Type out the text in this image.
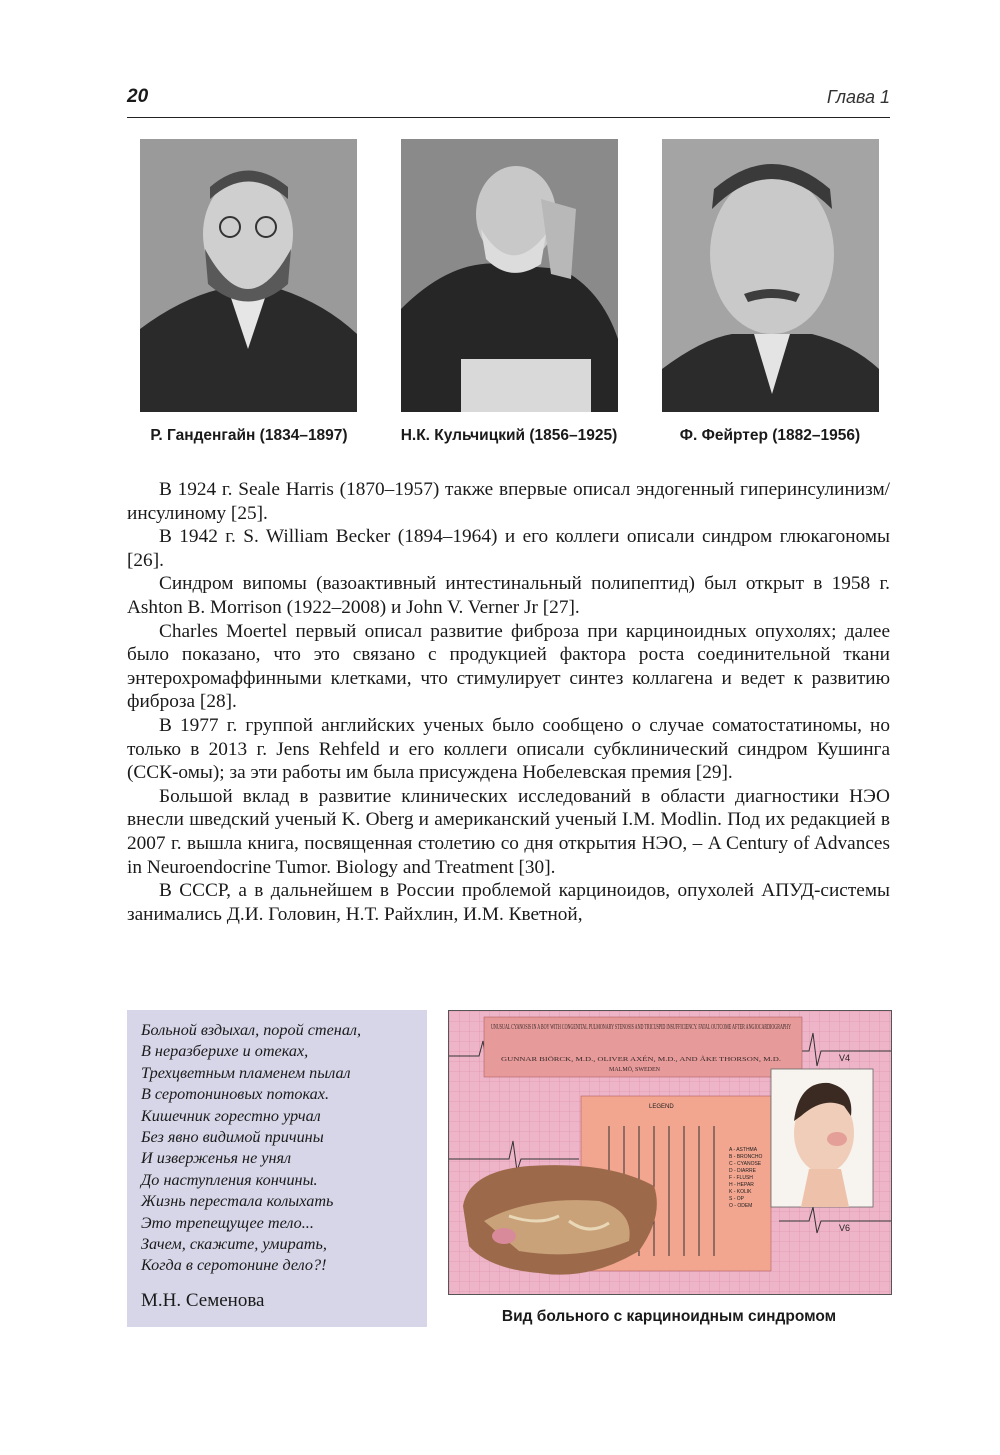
20	Глава 1
Р. Гандeнгайн (1834–1897)	Н.К. Кульчицкий (1856–1925)	Ф. Фейртер (1882–1956)

В 1924 г. Seale Harris (1870–1957) также впервые описал эндогенный гиперинсулинизм/инсулиному [25].

В 1942 г. S. William Becker (1894–1964) и его коллеги описали синдром глюкагономы [26].

Синдром випомы (вазоактивный интестинальный полипептид) был открыт в 1958 г. Ashton B. Morrison (1922–2008) и John V. Verner Jr [27].

Charles Moertel первый описал развитие фиброза при карциноидных опухолях; далее было показано, что это связано с продукцией фактора роста соединительной ткани энтерохромаффинными клетками, что стимулирует синтез коллагена и ведет к развитию фиброза [28].

В 1977 г. группой английских ученых было сообщено о случае соматостатиномы, но только в 2013 г. Jens Rehfeld и его коллеги описали субклинический синдром Кушинга (ССК-омы); за эти работы им была присуждена Нобелевская премия [29].

Большой вклад в развитие клинических исследований в области диагностики НЭО внесли шведский ученый K. Oberg и американский ученый I.M. Modlin. Под их редакцией в 2007 г. вышла книга, посвященная столетию со дня открытия НЭО, – A Century of Advances in Neuroendocrine Tumor. Biology and Treatment [30].

В СССР, а в дальнейшем в России проблемой карциноидов, опухолей АПУД-системы занимались Д.И. Головин, Н.Т. Райхлин, И.М. Кветной,

Больной вздыхал, порой стенал,
В неразберихе и отеках,
Трехцветным пламенем пылал
В серотониновых потоках.
Кишечник горестно урчал
Без явно видимой причины
И изверженья не унял
До наступления кончины.
Жизнь перестала колыхать
Это трепещущее тело...
Зачем, скажите, умирать,
Когда в серотонине дело?!
М.Н. Семенова
V4
V6
UNUSUAL CYANOSIS IN A BOY WITH CONGENITAL PULMONARY STENOSIS AND TRICUSPID INSUFFICIENCY. FATAL OUTCOME AFTER ANGIOCARDIOGRAPHY
GUNNAR BIÖRCK, M.D., OLIVER AXÉN, M.D., AND ÅKE THORSON, M.D.
MALMÖ, SWEDEN
LEGEND
A - ASTHMA
B - BRONCHO
C - CYANOSE
D - DIARRE
F - FLUSH
H - HEPAR
K - KOLIK
S - OP
O - ODEM
Вид больного с карциноидным синдромом
